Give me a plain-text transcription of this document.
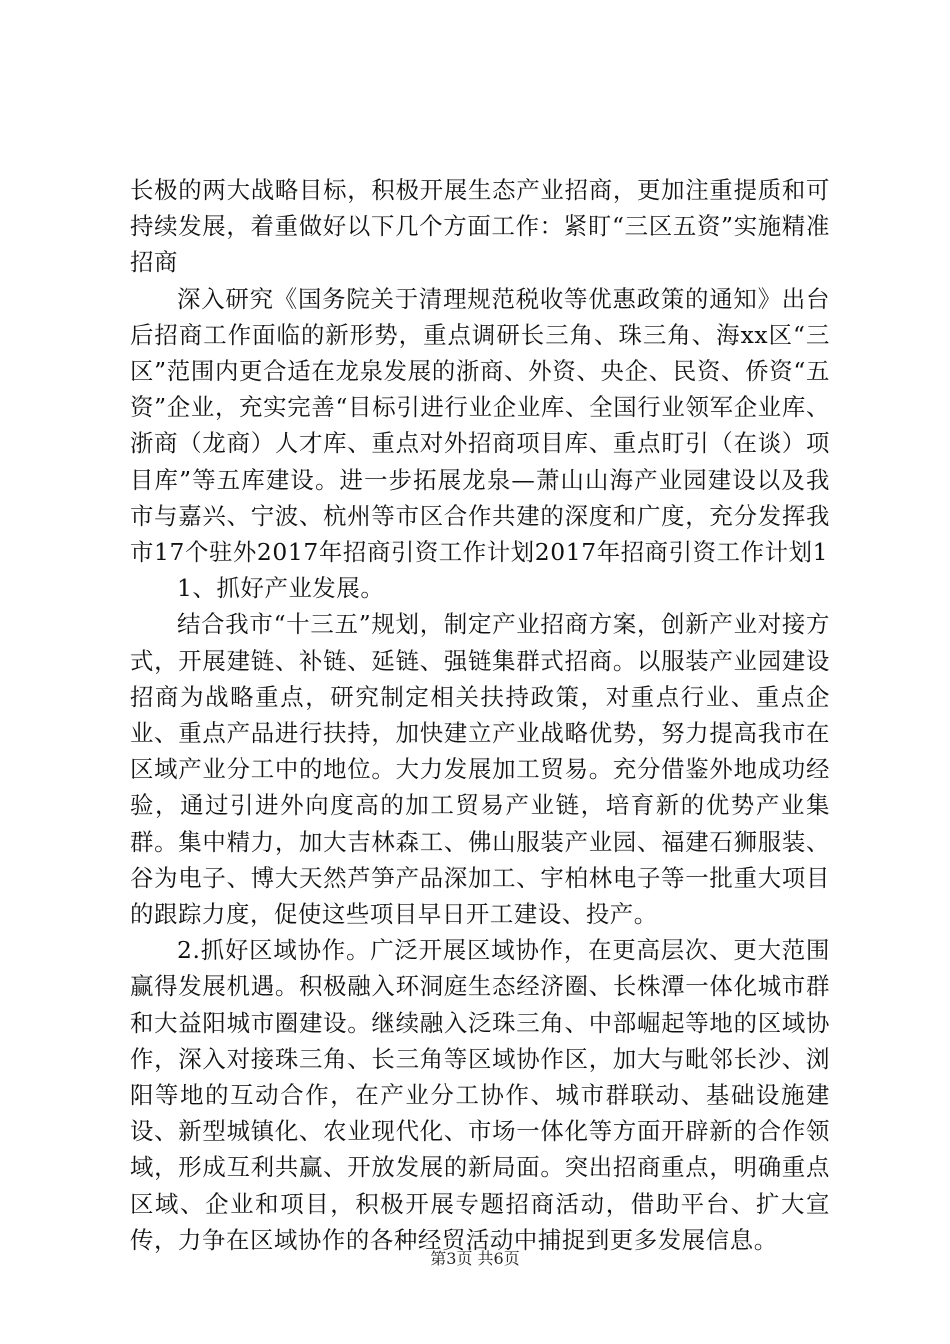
长极的两大战略目标，积极开展生态产业招商，更加注重提质和可持续发展，着重做好以下几个方面工作：紧盯“三区五资”实施精准招商

深入研究《国务院关于清理规范税收等优惠政策的通知》出台后招商工作面临的新形势，重点调研长三角、珠三角、海xx区“三区”范围内更合适在龙泉发展的浙商、外资、央企、民资、侨资“五资”企业，充实完善“目标引进行业企业库、全国行业领军企业库、浙商（龙商）人才库、重点对外招商项目库、重点盯引（在谈）项目库”等五库建设。进一步拓展龙泉—萧山山海产业园建设以及我市与嘉兴、宁波、杭州等市区合作共建的深度和广度，充分发挥我市17个驻外2017年招商引资工作计划2017年招商引资工作计划1

1、抓好产业发展。

结合我市“十三五”规划，制定产业招商方案，创新产业对接方式，开展建链、补链、延链、强链集群式招商。以服装产业园建设招商为战略重点，研究制定相关扶持政策，对重点行业、重点企业、重点产品进行扶持，加快建立产业战略优势，努力提高我市在区域产业分工中的地位。大力发展加工贸易。充分借鉴外地成功经验，通过引进外向度高的加工贸易产业链，培育新的优势产业集群。集中精力，加大吉林森工、佛山服装产业园、福建石狮服装、谷为电子、博大天然芦笋产品深加工、宇柏林电子等一批重大项目的跟踪力度，促使这些项目早日开工建设、投产。

2.抓好区域协作。广泛开展区域协作，在更高层次、更大范围赢得发展机遇。积极融入环洞庭生态经济圈、长株潭一体化城市群和大益阳城市圈建设。继续融入泛珠三角、中部崛起等地的区域协作，深入对接珠三角、长三角等区域协作区，加大与毗邻长沙、浏阳等地的互动合作，在产业分工协作、城市群联动、基础设施建设、新型城镇化、农业现代化、市场一体化等方面开辟新的合作领域，形成互利共赢、开放发展的新局面。突出招商重点，明确重点区域、企业和项目，积极开展专题招商活动，借助平台、扩大宣传，力争在区域协作的各种经贸活动中捕捉到更多发展信息。

第3页 共6页
